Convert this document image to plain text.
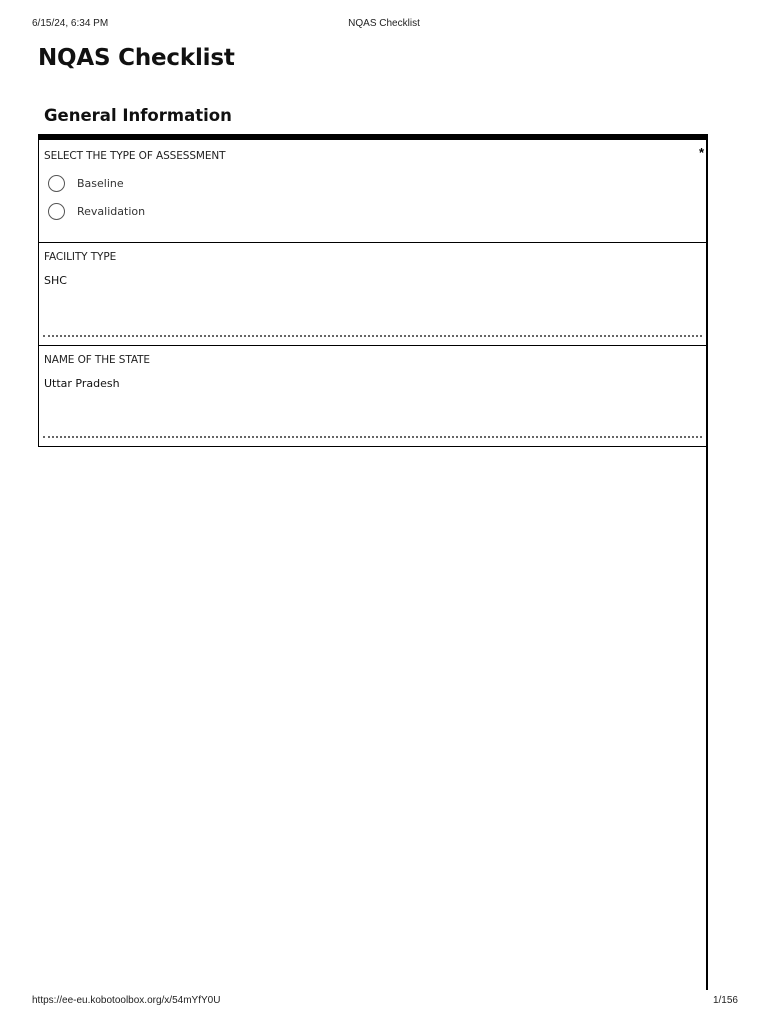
6/15/24, 6:34 PM	NQAS Checklist
NQAS Checklist
General Information
SELECT THE TYPE OF ASSESSMENT	*
Baseline
Revalidation
FACILITY TYPE
SHC
NAME OF THE STATE
Uttar Pradesh
https://ee-eu.kobotoolbox.org/x/54mYfY0U	1/156
